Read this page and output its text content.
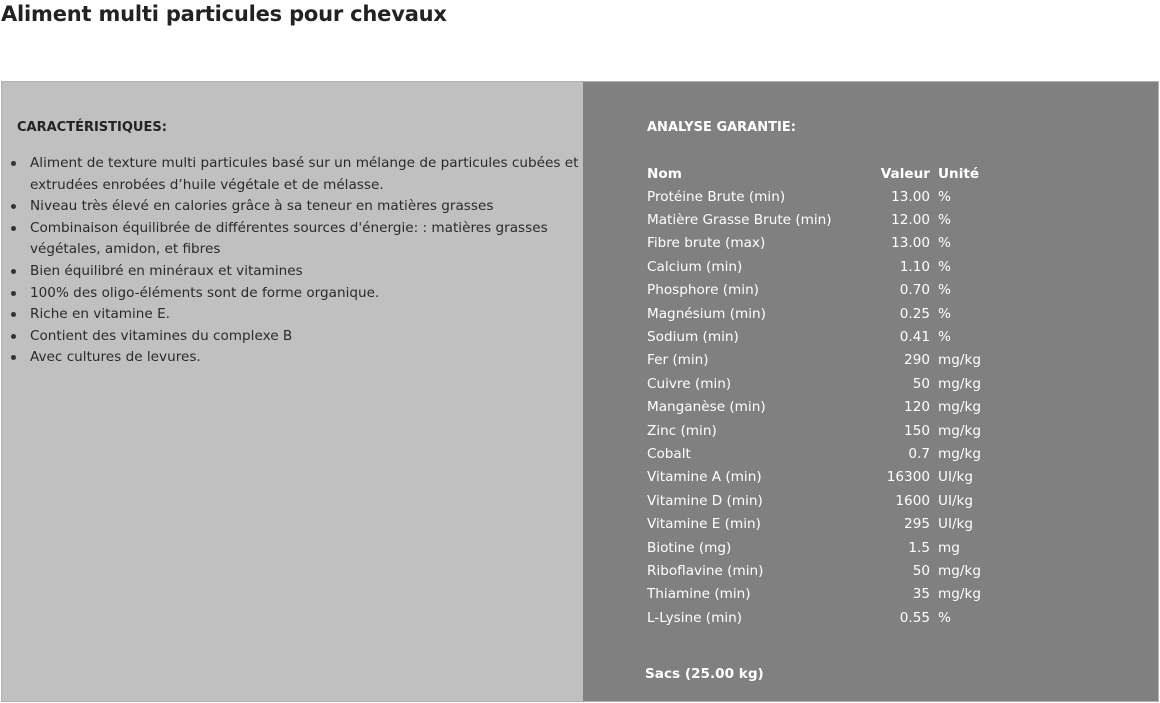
Aliment multi particules pour chevaux
CARACTÉRISTIQUES:
Aliment de texture multi particules basé sur un mélange de particules cubées et extrudées enrobées d’huile végétale et de mélasse.
Niveau très élevé en calories grâce à sa teneur en matières grasses
Combinaison équilibrée de différentes sources d'énergie: : matières grasses végétales, amidon, et fibres
Bien équilibré en minéraux et vitamines
100% des oligo-éléments sont de forme organique.
Riche en vitamine E.
Contient des vitamines du complexe B
Avec cultures de levures.
ANALYSE GARANTIE:
Nom	Valeur	Unité
Protéine Brute (min)	13.00	%
Matière Grasse Brute (min)	12.00	%
Fibre brute (max)	13.00	%
Calcium (min)	1.10	%
Phosphore (min)	0.70	%
Magnésium (min)	0.25	%
Sodium (min)	0.41	%
Fer (min)	290	mg/kg
Cuivre (min)	50	mg/kg
Manganèse (min)	120	mg/kg
Zinc (min)	150	mg/kg
Cobalt	0.7	mg/kg
Vitamine A (min)	16300	UI/kg
Vitamine D (min)	1600	UI/kg
Vitamine E (min)	295	UI/kg
Biotine (mg)	1.5	mg
Riboflavine (min)	50	mg/kg
Thiamine (min)	35	mg/kg
L-Lysine (min)	0.55	%
Sacs (25.00 kg)
